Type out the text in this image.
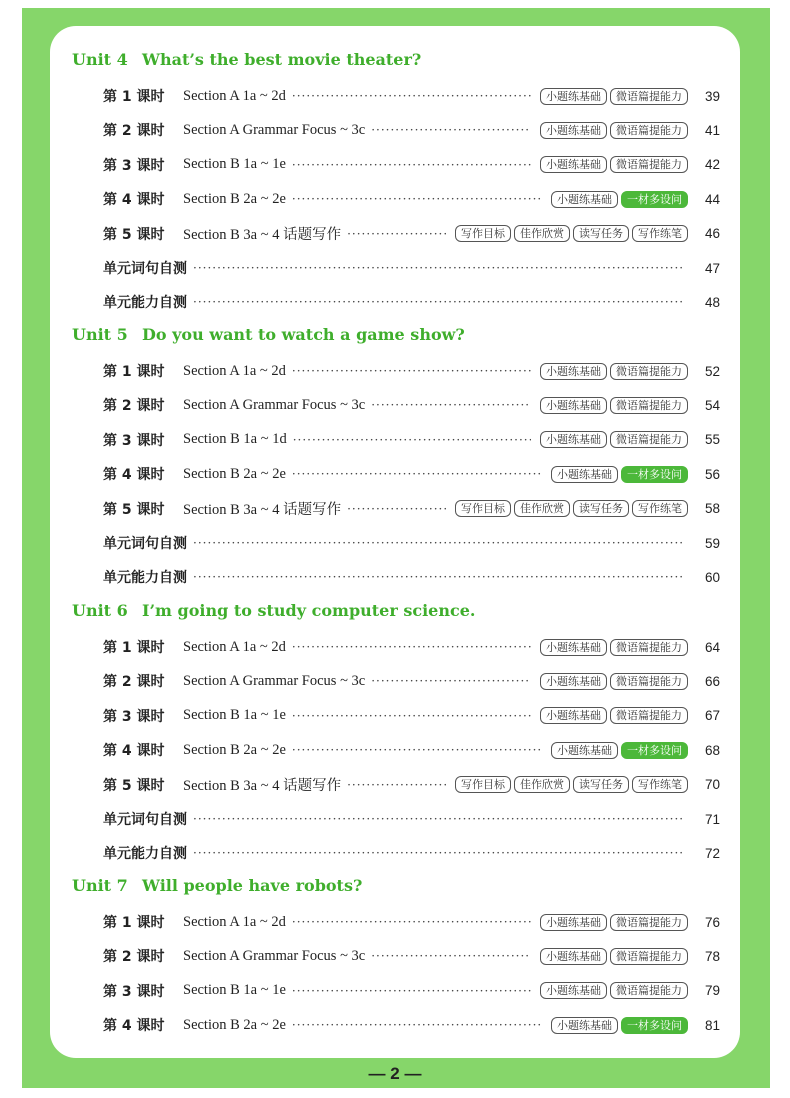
Unit 4 What’s the best movie theater?
第 1 课时	Section A 1a ~ 2d ·····	小题练基础	微语篇提能力	39
第 2 课时	Section A Grammar Focus ~ 3c ·····	小题练基础	微语篇提能力	41
第 3 课时	Section B 1a ~ 1e ·····	小题练基础	微语篇提能力	42
第 4 课时	Section B 2a ~ 2e ·····	小题练基础	一材多设问	44
第 5 课时	Section B 3a ~ 4 话题写作 ·····	写作目标	佳作欣赏	读写任务	写作练笔	46
单元词句自测 ·····	47
单元能力自测 ·····	48
Unit 5 Do you want to watch a game show?
第 1 课时	Section A 1a ~ 2d ·····	小题练基础	微语篇提能力	52
第 2 课时	Section A Grammar Focus ~ 3c ·····	小题练基础	微语篇提能力	54
第 3 课时	Section B 1a ~ 1d ·····	小题练基础	微语篇提能力	55
第 4 课时	Section B 2a ~ 2e ·····	小题练基础	一材多设问	56
第 5 课时	Section B 3a ~ 4 话题写作 ·····	写作目标	佳作欣赏	读写任务	写作练笔	58
单元词句自测 ·····	59
单元能力自测 ·····	60
Unit 6 I’m going to study computer science.
第 1 课时	Section A 1a ~ 2d ·····	小题练基础	微语篇提能力	64
第 2 课时	Section A Grammar Focus ~ 3c ·····	小题练基础	微语篇提能力	66
第 3 课时	Section B 1a ~ 1e ·····	小题练基础	微语篇提能力	67
第 4 课时	Section B 2a ~ 2e ·····	小题练基础	一材多设问	68
第 5 课时	Section B 3a ~ 4 话题写作 ·····	写作目标	佳作欣赏	读写任务	写作练笔	70
单元词句自测 ·····	71
单元能力自测 ·····	72
Unit 7 Will people have robots?
第 1 课时	Section A 1a ~ 2d ·····	小题练基础	微语篇提能力	76
第 2 课时	Section A Grammar Focus ~ 3c ·····	小题练基础	微语篇提能力	78
第 3 课时	Section B 1a ~ 1e ·····	小题练基础	微语篇提能力	79
第 4 课时	Section B 2a ~ 2e ·····	小题练基础	一材多设问	81
— 2 —
